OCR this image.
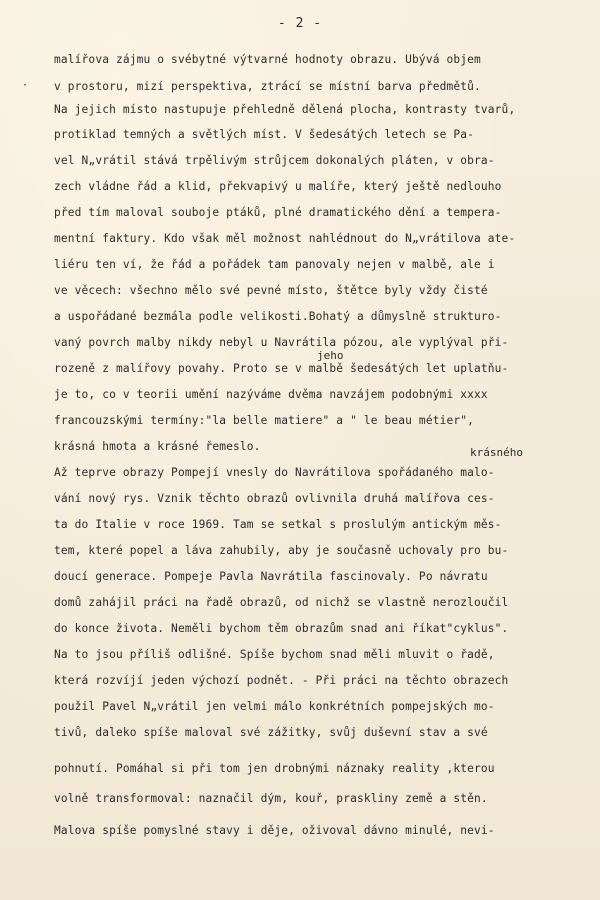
·
- 2 -
malířova zájmu o svébytné výtvarné hodnoty obrazu. Ubývá objem
v prostoru, mizí perspektiva, ztrácí se místní barva předmětů.
Na jejich místo nastupuje přehledně dělená plocha, kontrasty tvarů,
protiklad temných a světlých míst. V šedesátých letech se Pa-
vel N„vrátil stává trpělivým strůjcem dokonalých pláten, v obra-
zech vládne řád a klid, překvapivý u malíře, který ještě nedlouho
před tím maloval souboje ptáků, plné dramatického dění a tempera-
mentní faktury. Kdo však měl možnost nahlédnout do N„vrátilova ate-
liéru ten ví, že řád a pořádek tam panovaly nejen v malbě, ale i
ve věcech: všechno mělo své pevné místo, štětce byly vždy čisté
a uspořádané bezmála podle velikosti.Bohatý a důmyslně strukturo-
vaný povrch malby nikdy nebyl u Navrátila pózou, ale vyplýval při-
jeho
rozeně z malířovy povahy. Proto se v malbě šedesátých let uplatňu-
je to, co v teorii umění nazýváme dvěma navzájem podobnými xxxx
francouzskými termíny:"la belle matiere" a " le beau métier",
krásná hmota a krásné řemeslo.	krásného
Až teprve obrazy Pompejí vnesly do Navrátilova spořádaného malo-
vání nový rys. Vznik těchto obrazů ovlivnila druhá malířova ces-
ta do Italie v roce 1969. Tam se setkal s proslulým antickým měs-
tem, které popel a láva zahubily, aby je současně uchovaly pro bu-
doucí generace. Pompeje Pavla Navrátila fascinovaly. Po návratu
domů zahájil práci na řadě obrazů, od nichž se vlastně nerozloučil
do konce života. Neměli bychom těm obrazům snad ani říkat"cyklus".
Na to jsou příliš odlišné. Spíše bychom snad měli mluvit o řadě,
která rozvíjí jeden výchozí podnět. - Při práci na těchto obrazech
použil Pavel N„vrátil jen velmi málo konkrétních pompejských mo-
tivů, daleko spíše maloval své zážitky, svůj duševní stav a své
pohnutí. Pomáhal si při tom jen drobnými náznaky reality ,kterou
volně transformoval: naznačil dým, kouř, praskliny země a stěn.
Malova spíše pomyslné stavy i děje, oživoval dávno minulé, nevi-
